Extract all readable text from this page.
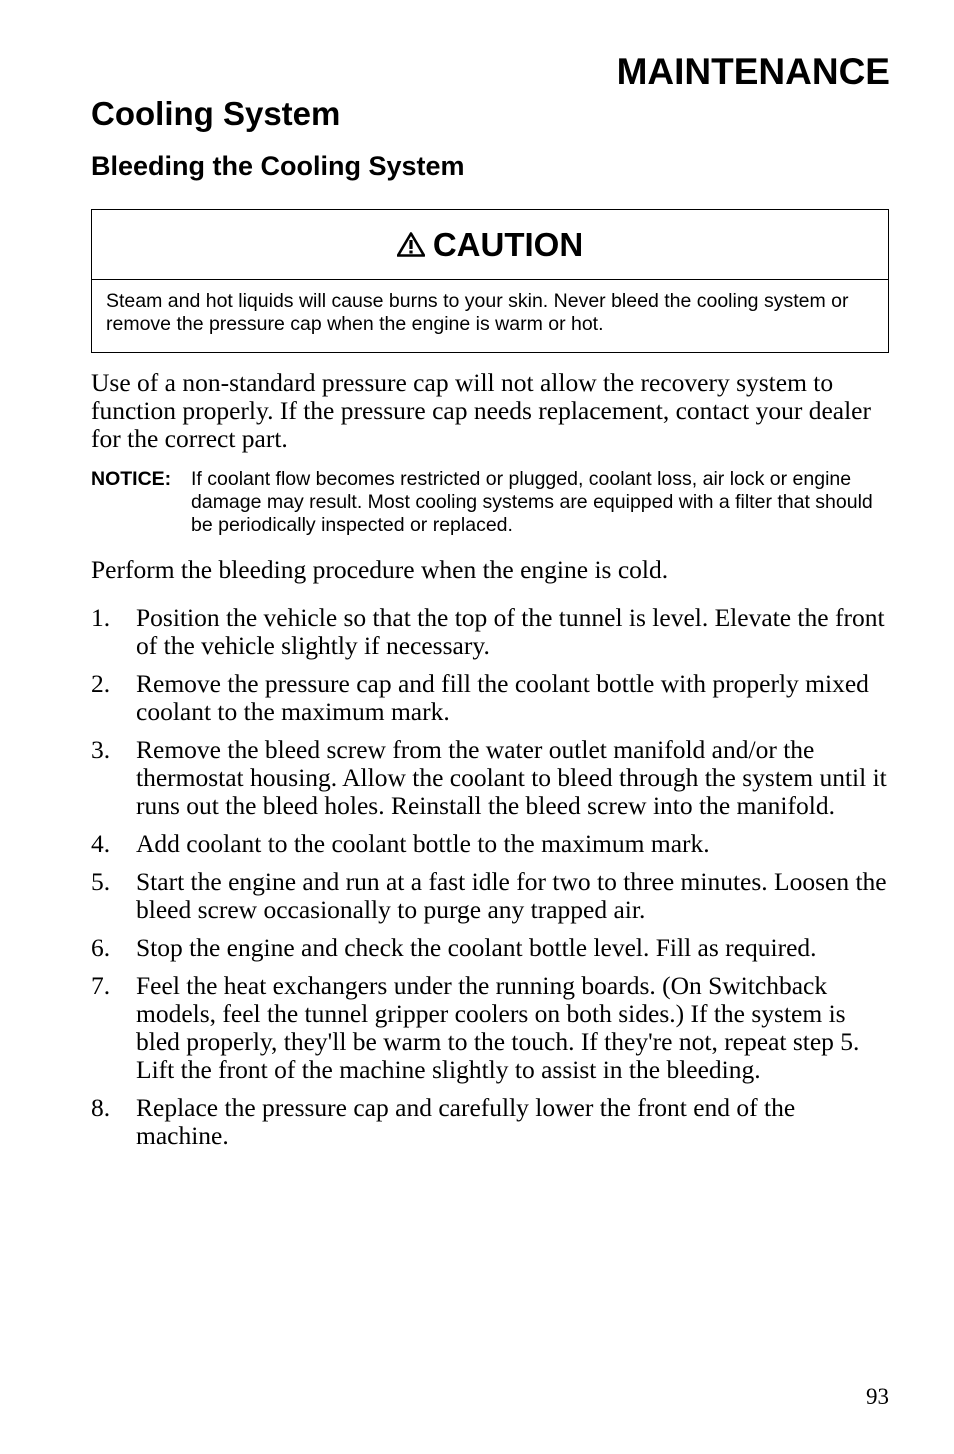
MAINTENANCE
Cooling System
Bleeding the Cooling System
CAUTION
Steam and hot liquids will cause burns to your skin. Never bleed the cooling system or remove the pressure cap when the engine is warm or hot.

Use of a non-standard pressure cap will not allow the recovery system to function properly. If the pressure cap needs replacement, contact your dealer for the correct part.

NOTICE:	If coolant flow becomes restricted or plugged, coolant loss, air lock or engine damage may result. Most cooling systems are equipped with a filter that should be periodically inspected or replaced.

Perform the bleeding procedure when the engine is cold.

1.	Position the vehicle so that the top of the tunnel is level. Elevate the front of the vehicle slightly if necessary.
2.	Remove the pressure cap and fill the coolant bottle with properly mixed coolant to the maximum mark.
3.	Remove the bleed screw from the water outlet manifold and/or the thermostat housing. Allow the coolant to bleed through the system until it runs out the bleed holes. Reinstall the bleed screw into the manifold.
4.	Add coolant to the coolant bottle to the maximum mark.
5.	Start the engine and run at a fast idle for two to three minutes. Loosen the bleed screw occasionally to purge any trapped air.
6.	Stop the engine and check the coolant bottle level. Fill as required.
7.	Feel the heat exchangers under the running boards. (On Switchback models, feel the tunnel gripper coolers on both sides.) If the system is bled properly, they'll be warm to the touch. If they're not, repeat step 5. Lift the front of the machine slightly to assist in the bleeding.
8.	Replace the pressure cap and carefully lower the front end of the machine.
93
